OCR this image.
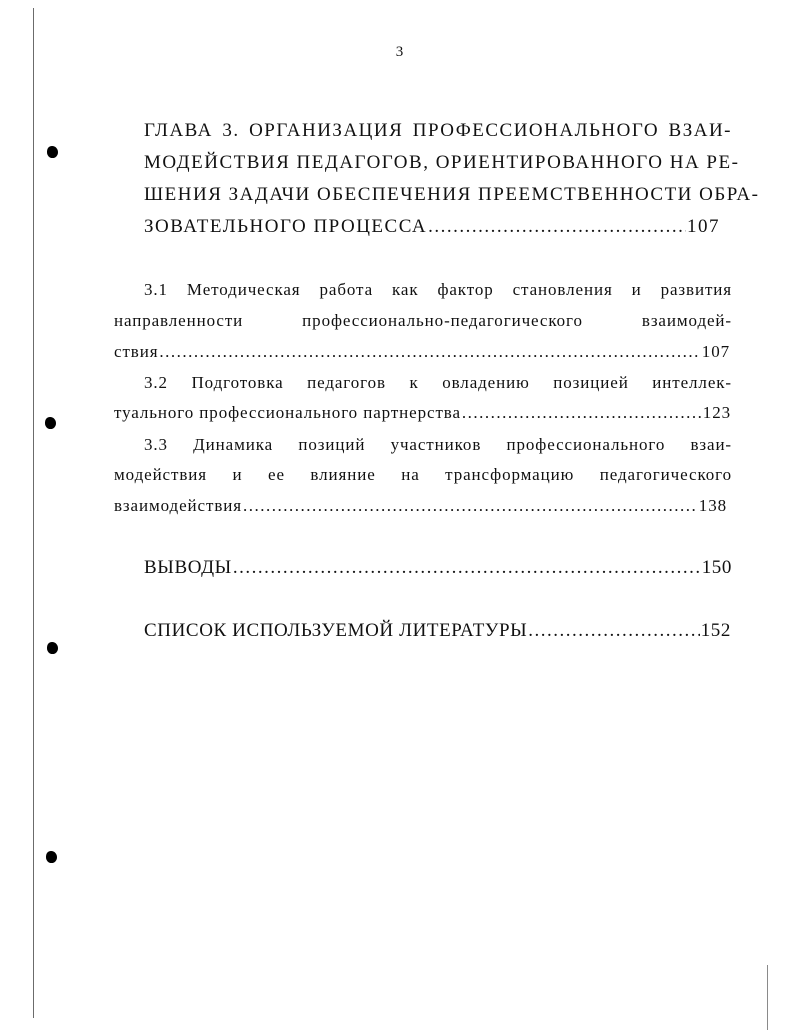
3
ГЛАВА 3. ОРГАНИЗАЦИЯ ПРОФЕССИОНАЛЬНОГО ВЗАИ-
МОДЕЙСТВИЯ ПЕДАГОГОВ, ОРИЕНТИРОВАННОГО НА РЕ-
ШЕНИЯ ЗАДАЧИ ОБЕСПЕЧЕНИЯ ПРЕЕМСТВЕННОСТИ ОБРА-
ЗОВАТЕЛЬНОГО ПРОЦЕССА .....	107
3.1 Методическая работа как фактор становления и развития
направленности профессионально-педагогического взаимодей-
ствия .....	107
3.2 Подготовка педагогов к овладению позицией интеллек-
туального профессионального партнерства .....	123
3.3 Динамика позиций участников профессионального взаи-
модействия и ее влияние на трансформацию педагогического
взаимодействия .....	138
ВЫВОДЫ .....	150
СПИСОК ИСПОЛЬЗУЕМОЙ ЛИТЕРАТУРЫ .....	152
